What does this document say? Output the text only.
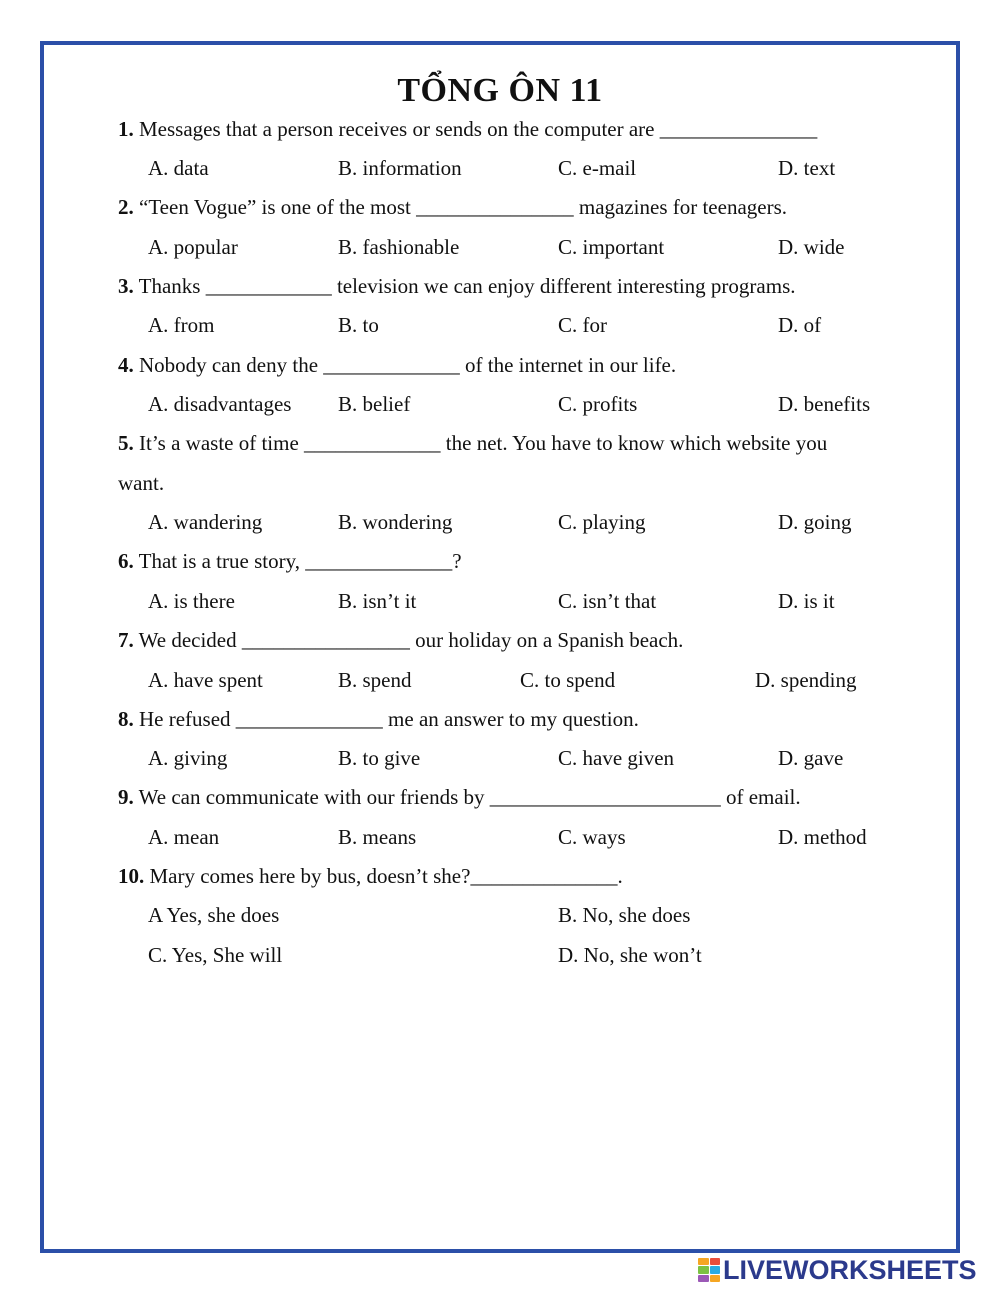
TỔNG ÔN 11
1. Messages that a person receives or sends on the computer are _______________
A. data	B. information	C. e-mail	D. text
2. “Teen Vogue” is one of the most _______________ magazines for teenagers.
A. popular	B. fashionable	C. important	D. wide
3. Thanks ____________ television we can enjoy different interesting programs.
A. from	B. to	C. for	D. of
4. Nobody can deny the _____________ of the internet in our life.
A. disadvantages B. belief	C. profits	D. benefits
5. It’s a waste of time _____________ the net. You have to know which website you
want.
A. wandering	B. wondering	C. playing	D. going
6. That is a true story, ______________?
A. is there	B. isn’t it	C. isn’t that	D. is it
7. We decided ________________ our holiday on a Spanish beach.
A. have spent	B. spend	C. to spend	D. spending
8. He refused ______________ me an answer to my question.
A. giving	B. to give	C. have given	D. gave
9. We can communicate with our friends by ______________________ of email.
A. mean	B. means	C. ways	D. method
10. Mary comes here by bus, doesn’t she?______________.
A Yes, she does	B. No, she does
C. Yes, She will	D. No, she won’t
LIVEWORKSHEETS
